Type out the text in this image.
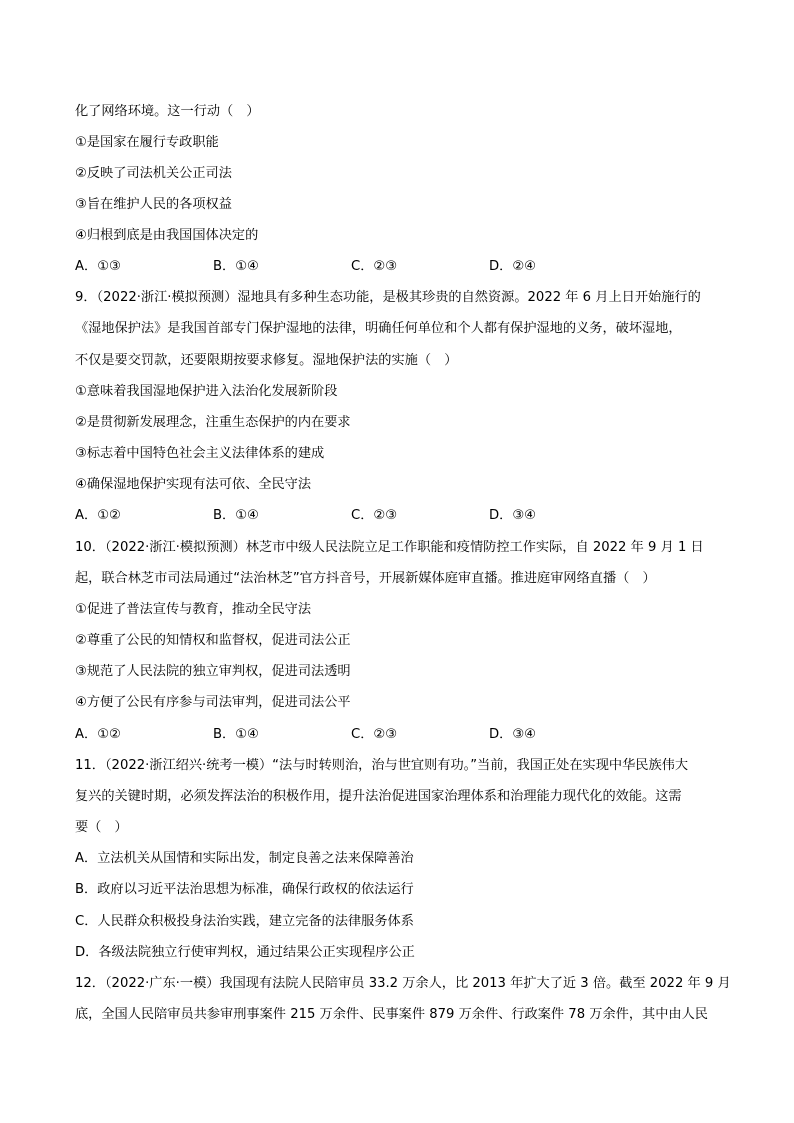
化了网络环境。这一行动（　）
①是国家在履行专政职能
②反映了司法机关公正司法
③旨在维护人民的各项权益
④归根到底是由我国国体决定的
A．①③	B．①④	C．②③	D．②④
9．（2022·浙江·模拟预测）湿地具有多种生态功能，是极其珍贵的自然资源。2022 年 6 月上日开始施行的
《湿地保护法》是我国首部专门保护湿地的法律，明确任何单位和个人都有保护湿地的义务，破坏湿地，
不仅是要交罚款，还要限期按要求修复。湿地保护法的实施（　）
①意味着我国湿地保护进入法治化发展新阶段
②是贯彻新发展理念，注重生态保护的内在要求
③标志着中国特色社会主义法律体系的建成
④确保湿地保护实现有法可依、全民守法
A．①②	B．①④	C．②③	D．③④
10．（2022·浙江·模拟预测）林芝市中级人民法院立足工作职能和疫情防控工作实际，自 2022 年 9 月 1 日
起，联合林芝市司法局通过“法治林芝”官方抖音号，开展新媒体庭审直播。推进庭审网络直播（　）
①促进了普法宣传与教育，推动全民守法
②尊重了公民的知情权和监督权，促进司法公正
③规范了人民法院的独立审判权，促进司法透明
④方便了公民有序参与司法审判，促进司法公平
A．①②	B．①④	C．②③	D．③④
11．（2022·浙江绍兴·统考一模）“法与时转则治，治与世宜则有功。”当前，我国正处在实现中华民族伟大
复兴的关键时期，必须发挥法治的积极作用，提升法治促进国家治理体系和治理能力现代化的效能。这需
要（　）
A．立法机关从国情和实际出发，制定良善之法来保障善治
B．政府以习近平法治思想为标准，确保行政权的依法运行
C．人民群众积极投身法治实践，建立完备的法律服务体系
D．各级法院独立行使审判权，通过结果公正实现程序公正
12．（2022·广东·一模）我国现有法院人民陪审员 33.2 万余人，比 2013 年扩大了近 3 倍。截至 2022 年 9 月
底，全国人民陪审员共参审刑事案件 215 万余件、民事案件 879 万余件、行政案件 78 万余件，其中由人民
